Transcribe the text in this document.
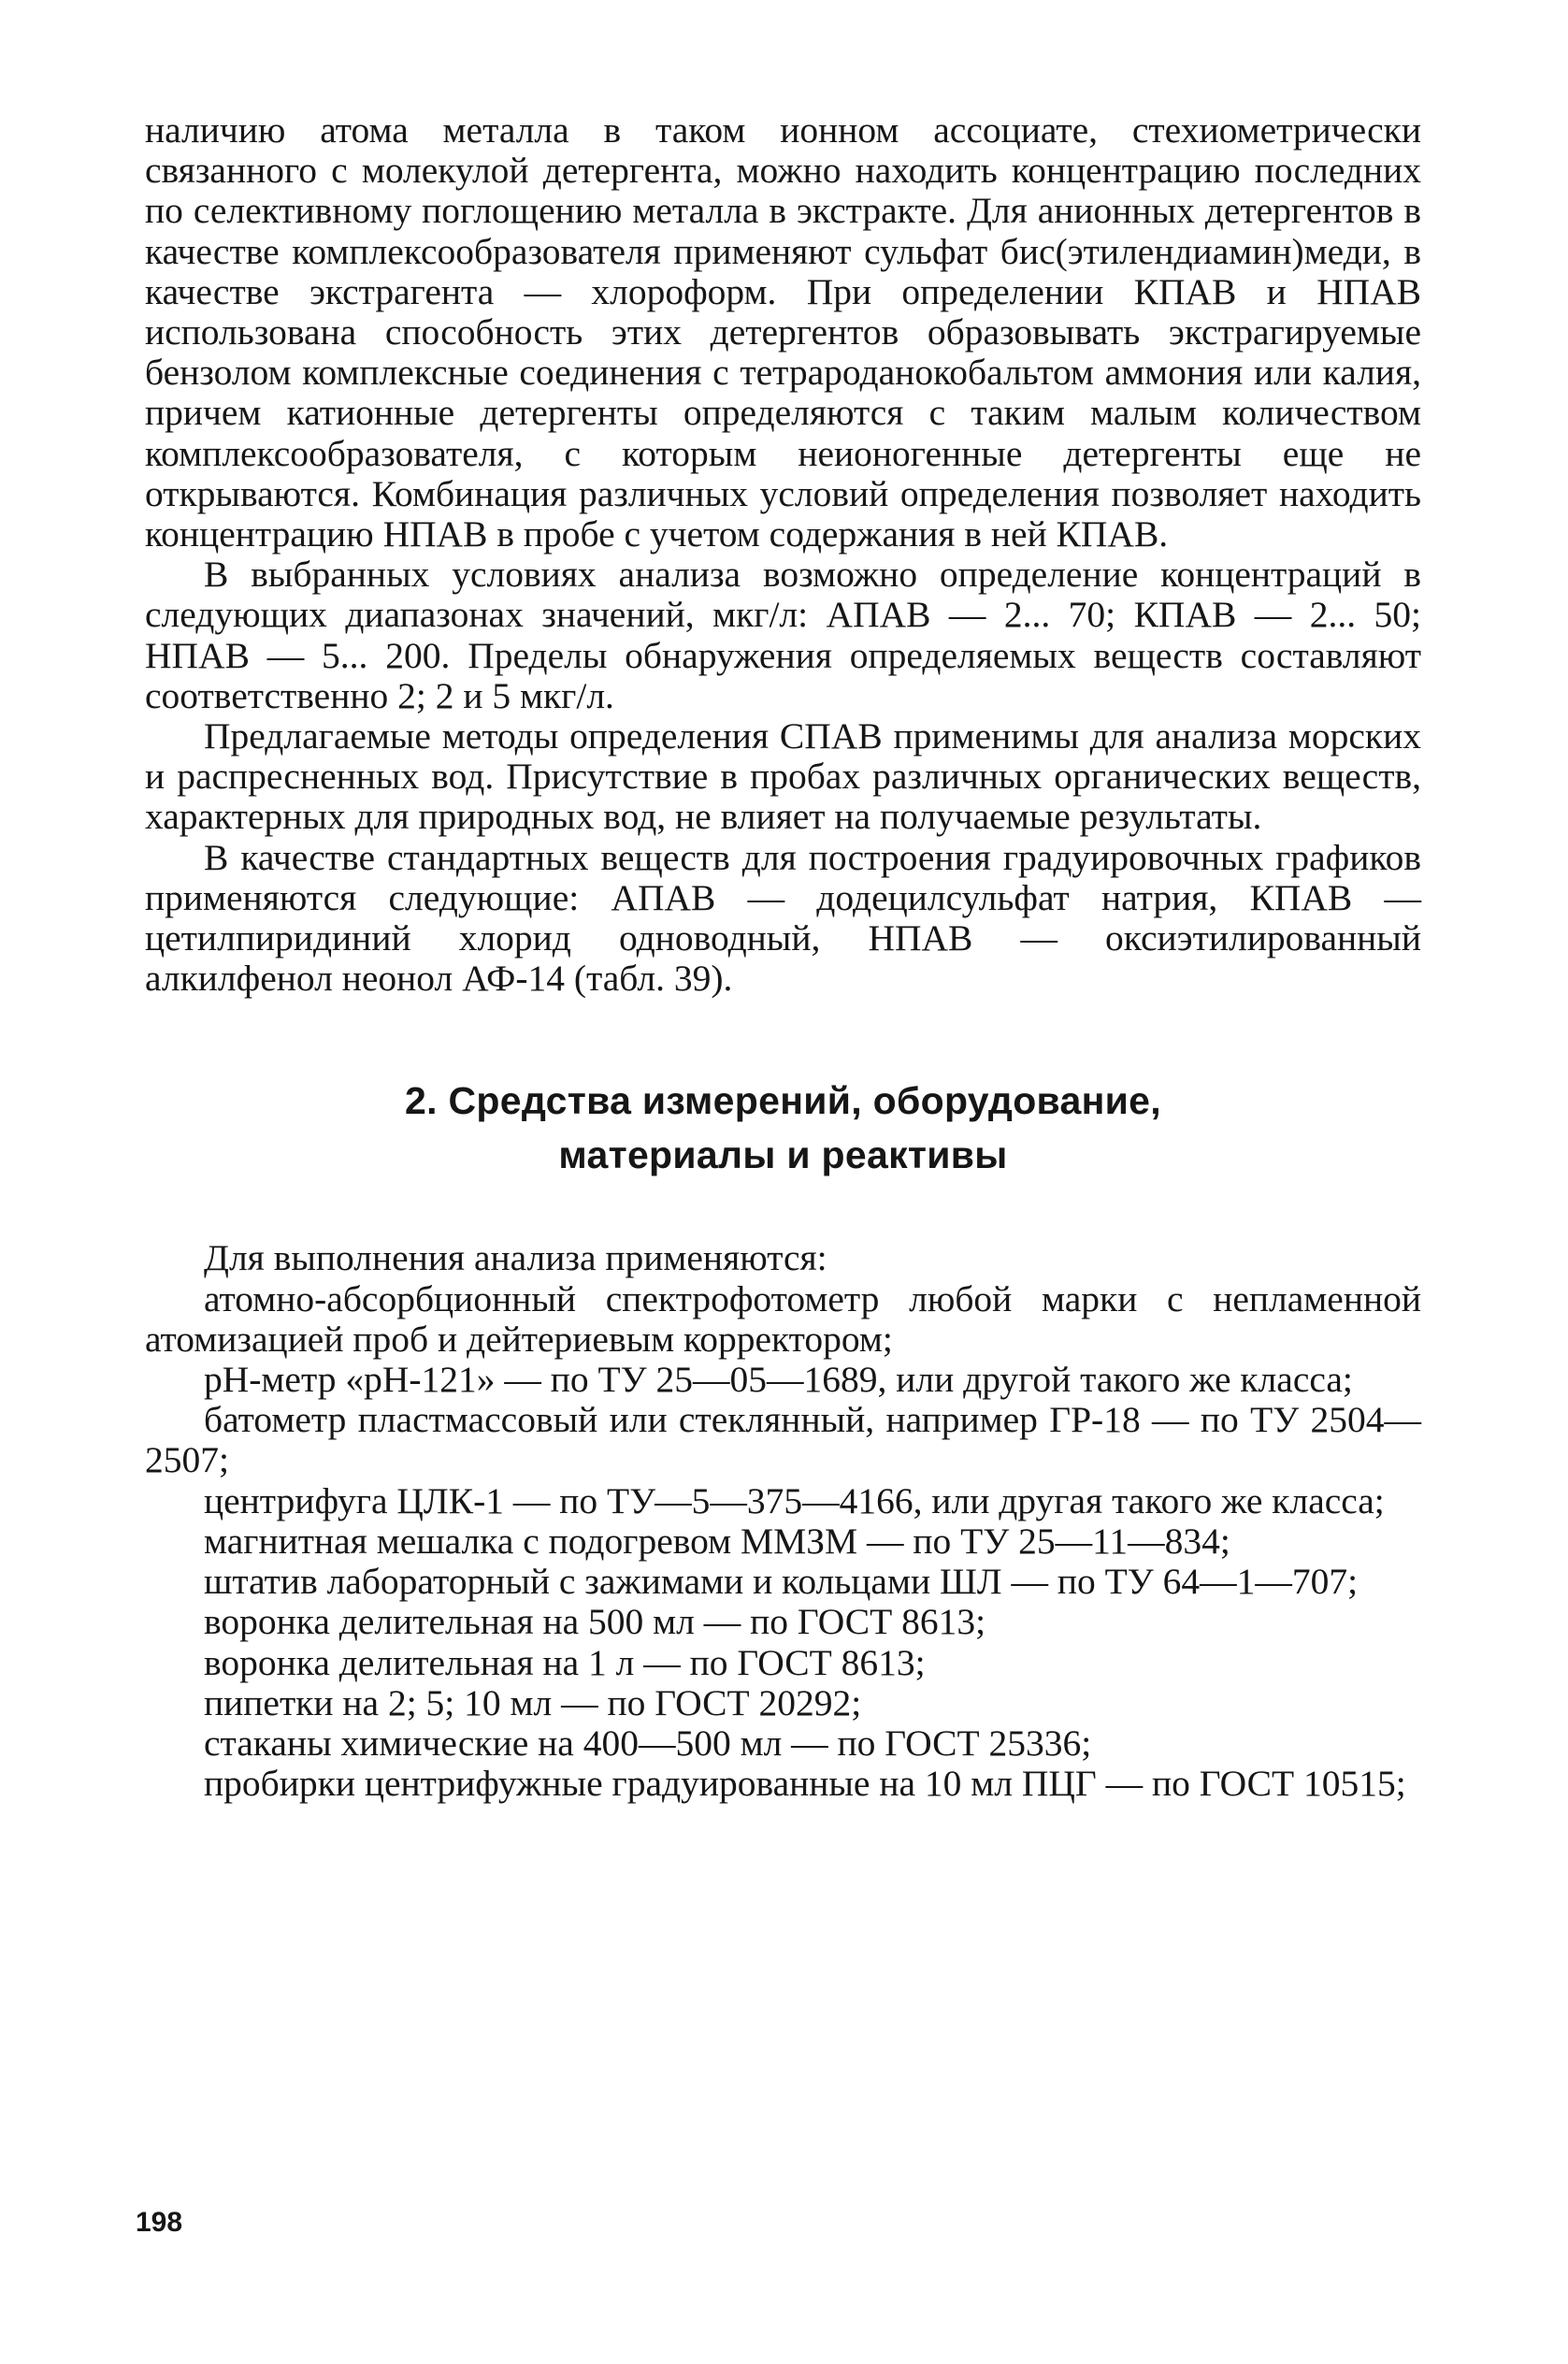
наличию атома металла в таком ионном ассоциате, стехиометрически связанного с молекулой детергента, можно находить концентрацию последних по селективному поглощению металла в экстракте. Для анионных детергентов в качестве комплексообразователя применяют сульфат бис(этилендиамин)меди, в качестве экстрагента — хлороформ. При определении КПАВ и НПАВ использована способность этих детергентов образовывать экстрагируемые бензолом комплексные соединения с тетрароданокобальтом аммония или калия, причем катионные детергенты определяются с таким малым количеством комплексообразователя, с которым неионогенные детергенты еще не открываются. Комбинация различных условий определения позволяет находить концентрацию НПАВ в пробе с учетом содержания в ней КПАВ.

В выбранных условиях анализа возможно определение концентраций в следующих диапазонах значений, мкг/л: АПАВ — 2... 70; КПАВ — 2... 50; НПАВ — 5... 200. Пределы обнаружения определяемых веществ составляют соответственно 2; 2 и 5 мкг/л.

Предлагаемые методы определения СПАВ применимы для анализа морских и распресненных вод. Присутствие в пробах различных органических веществ, характерных для природных вод, не влияет на получаемые результаты.

В качестве стандартных веществ для построения градуировочных графиков применяются следующие: АПАВ — додецилсульфат натрия, КПАВ — цетилпиридиний хлорид одноводный, НПАВ — оксиэтилированный алкилфенол неонол АФ-14 (табл. 39).

2. Средства измерений, оборудование,
материалы и реактивы

Для выполнения анализа применяются:

атомно-абсорбционный спектрофотометр любой марки с непламенной атомизацией проб и дейтериевым корректором;

рН-метр «рН-121» — по ТУ 25—05—1689, или другой такого же класса;

батометр пластмассовый или стеклянный, например ГР-18 — по ТУ 2504—2507;

центрифуга ЦЛК-1 — по ТУ—5—375—4166, или другая такого же класса;

магнитная мешалка с подогревом ММЗМ — по ТУ 25—11—834;

штатив лабораторный с зажимами и кольцами ШЛ — по ТУ 64—1—707;

воронка делительная на 500 мл — по ГОСТ 8613;

воронка делительная на 1 л — по ГОСТ 8613;

пипетки на 2; 5; 10 мл — по ГОСТ 20292;

стаканы химические на 400—500 мл — по ГОСТ 25336;

пробирки центрифужные градуированные на 10 мл ПЦГ — по ГОСТ 10515;

198
